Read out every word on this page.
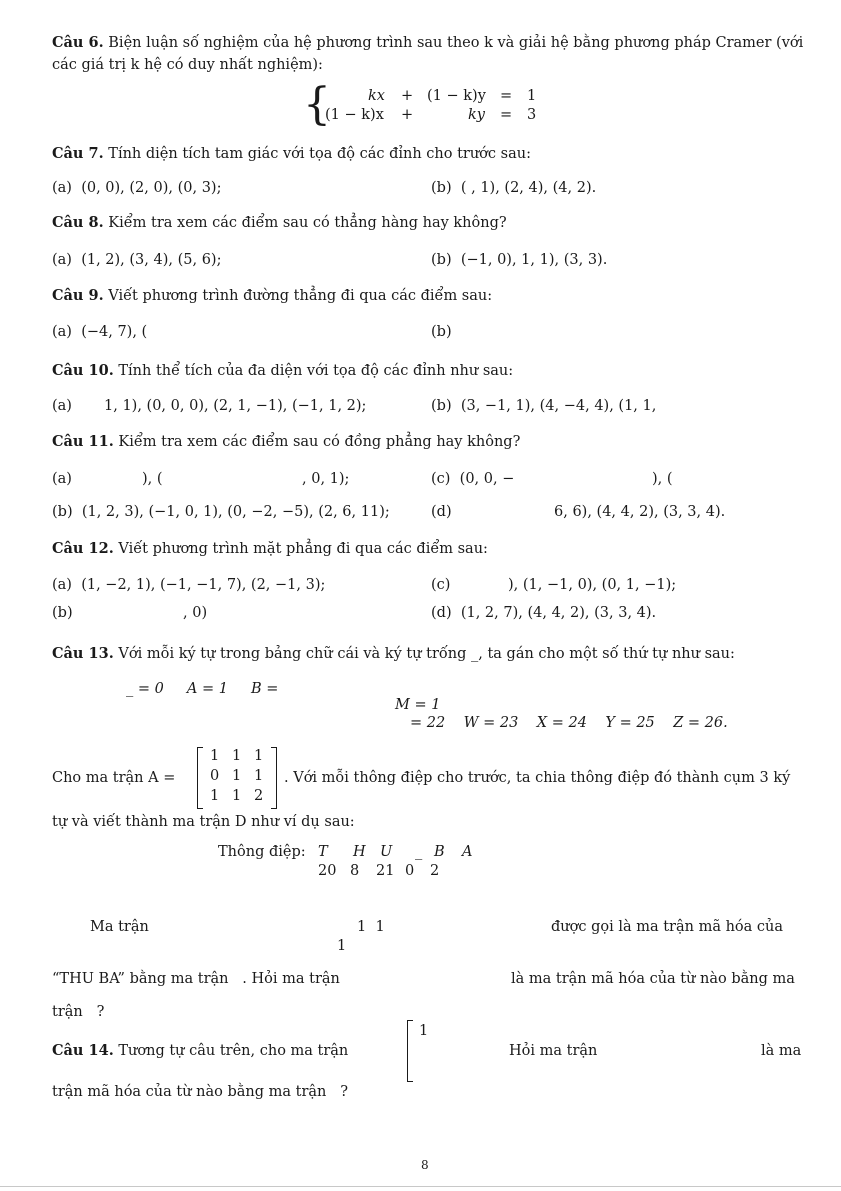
Câu 6. Biện luận số nghiệm của hệ phương trình sau theo k và giải hệ bằng phương pháp Cramer (với
các giá trị k hệ có duy nhất nghiệm):
{	kx + (1 − k)y = 1
(1 − k)x +	ky = 3
Câu 7. Tính diện tích tam giác với tọa độ các đỉnh cho trước sau:
(a) (0, 0), (2, 0), (0, 3);	(b) ( , 1), (2, 4), (4, 2).
Câu 8. Kiểm tra xem các điểm sau có thẳng hàng hay không?
(a) (1, 2), (3, 4), (5, 6);	(b) (−1, 0), 1, 1), (3, 3).
Câu 9. Viết phương trình đường thẳng đi qua các điểm sau:
(a) (−4, 7), (	(b)
Câu 10. Tính thể tích của đa diện với tọa độ các đỉnh như sau:
(a) 1, 1), (0, 0, 0), (2, 1, −1), (−1, 1, 2);	(b) (3, −1, 1), (4, −4, 4), (1, 1,
Câu 11. Kiểm tra xem các điểm sau có đồng phẳng hay không?
(a)	), (	, 0, 1);	(c) (0, 0, −	), (
(b) (1, 2, 3), (−1, 0, 1), (0, −2, −5), (2, 6, 11);	(d)	6, 6), (4, 4, 2), (3, 3, 4).
Câu 12. Viết phương trình mặt phẳng đi qua các điểm sau:
(a) (1, −2, 1), (−1, −1, 7), (2, −1, 3);	(c)	), (1, −1, 0), (0, 1, −1);
(b)	, 0)	(d) (1, 2, 7), (4, 4, 2), (3, 3, 4).
Câu 13. Với mỗi ký tự trong bảng chữ cái và ký tự trống _, ta gán cho một số thứ tự như sau:
_ = 0     A = 1     B =
M = 1
= 22    W = 23    X = 24    Y = 25    Z = 26.
Cho ma trận A =
1 1 1
0 1 1
1 1 2
. Với mỗi thông điệp cho trước, ta chia thông điệp đó thành cụm 3 ký
tự và viết thành ma trận D như ví dụ sau:
Thông điệp: T H U _ B A
20 8 21 0 2
Ma trận	1  1
1
được gọi là ma trận mã hóa của
“THU BA” bằng ma trận   . Hỏi ma trận	là ma trận mã hóa của từ nào bằng ma
trận   ?
Câu 14. Tương tự câu trên, cho ma trận
1
Hỏi ma trận	là ma
trận mã hóa của từ nào bằng ma trận   ?
8
